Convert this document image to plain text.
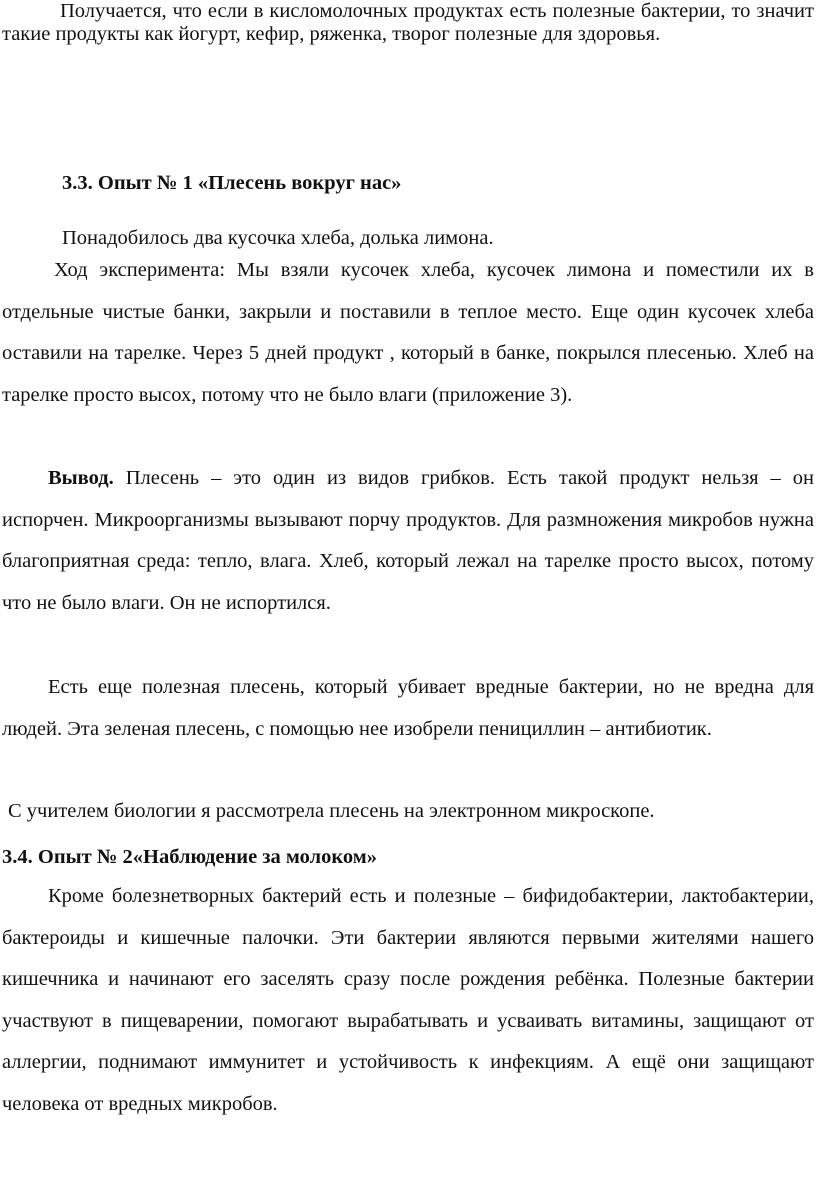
Получается, что если в кисломолочных продуктах есть полезные бактерии, то значит такие продукты как йогурт, кефир, ряженка, творог полезные для здоровья.

3.3. Опыт № 1 «Плесень вокруг нас»

Понадобилось два кусочка хлеба, долька лимона.

Ход эксперимента: Мы взяли кусочек хлеба, кусочек лимона и поместили их в отдельные чистые банки, закрыли и поставили в теплое место. Еще один кусочек хлеба оставили на тарелке. Через 5 дней продукт , который в банке, покрылся плесенью. Хлеб на тарелке просто высох, потому что не было влаги (приложение 3).

Вывод. Плесень – это один из видов грибков. Есть такой продукт нельзя – он испорчен. Микроорганизмы вызывают порчу продуктов. Для размножения микробов нужна благоприятная среда: тепло, влага. Хлеб, который лежал на тарелке просто высох, потому что не было влаги. Он не испортился.

Есть еще полезная плесень, который убивает вредные бактерии, но не вредна для людей. Эта зеленая плесень, с помощью нее изобрели пенициллин – антибиотик.

С учителем биологии я рассмотрела плесень на электронном микроскопе.

3.4. Опыт № 2«Наблюдение за молоком»

Кроме болезнетворных бактерий есть и полезные – бифидобактерии, лактобактерии, бактероиды и кишечные палочки. Эти бактерии являются первыми жителями нашего кишечника и начинают его заселять сразу после рождения ребёнка. Полезные бактерии участвуют в пищеварении, помогают вырабатывать и усваивать витамины, защищают от аллергии, поднимают иммунитет и устойчивость к инфекциям. А ещё они защищают человека от вредных микробов.
